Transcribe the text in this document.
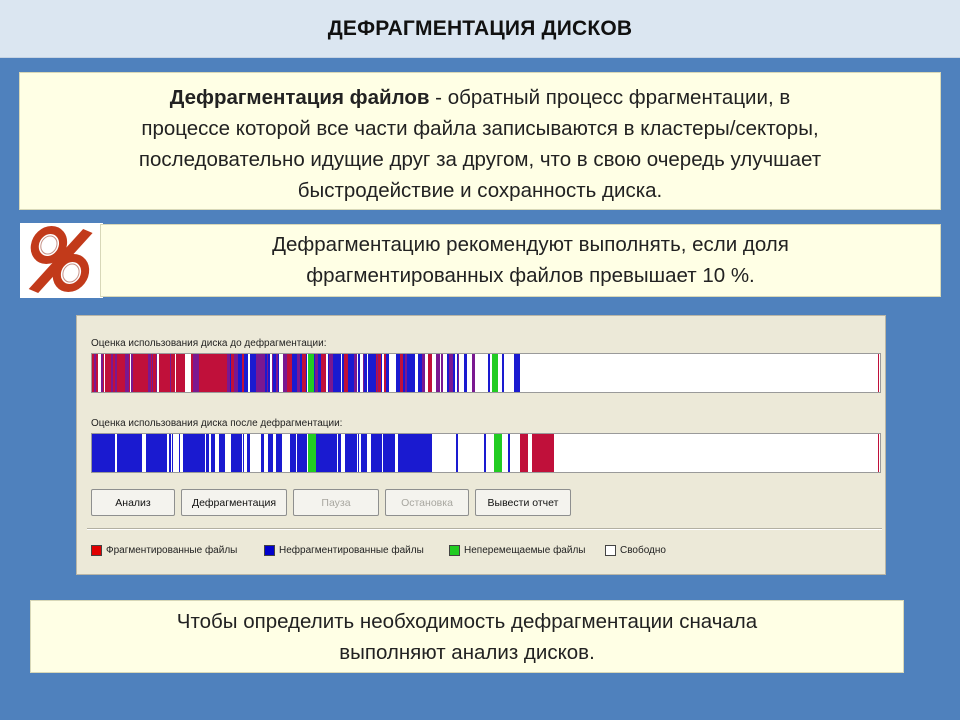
ДЕФРАГМЕНТАЦИЯ ДИСКОВ
Дефрагментация файлов - обратный процесс фрагментации, в
процессе которой все части файла записываются в кластеры/секторы,
последовательно идущие друг за другом, что в свою очередь улучшает
быстродействие и сохранность диска.
Дефрагментацию рекомендуют выполнять, если доля
фрагментированных файлов превышает 10 %.
Оценка использования диска до дефрагментации:
Оценка использования диска после дефрагментации:
Анализ	Дефрагментация	Пауза	Остановка	Вывести отчет
Фрагментированные файлы	Нефрагментированные файлы	Неперемещаемые файлы	Свободно
Чтобы определить необходимость дефрагментации сначала
выполняют анализ дисков.
